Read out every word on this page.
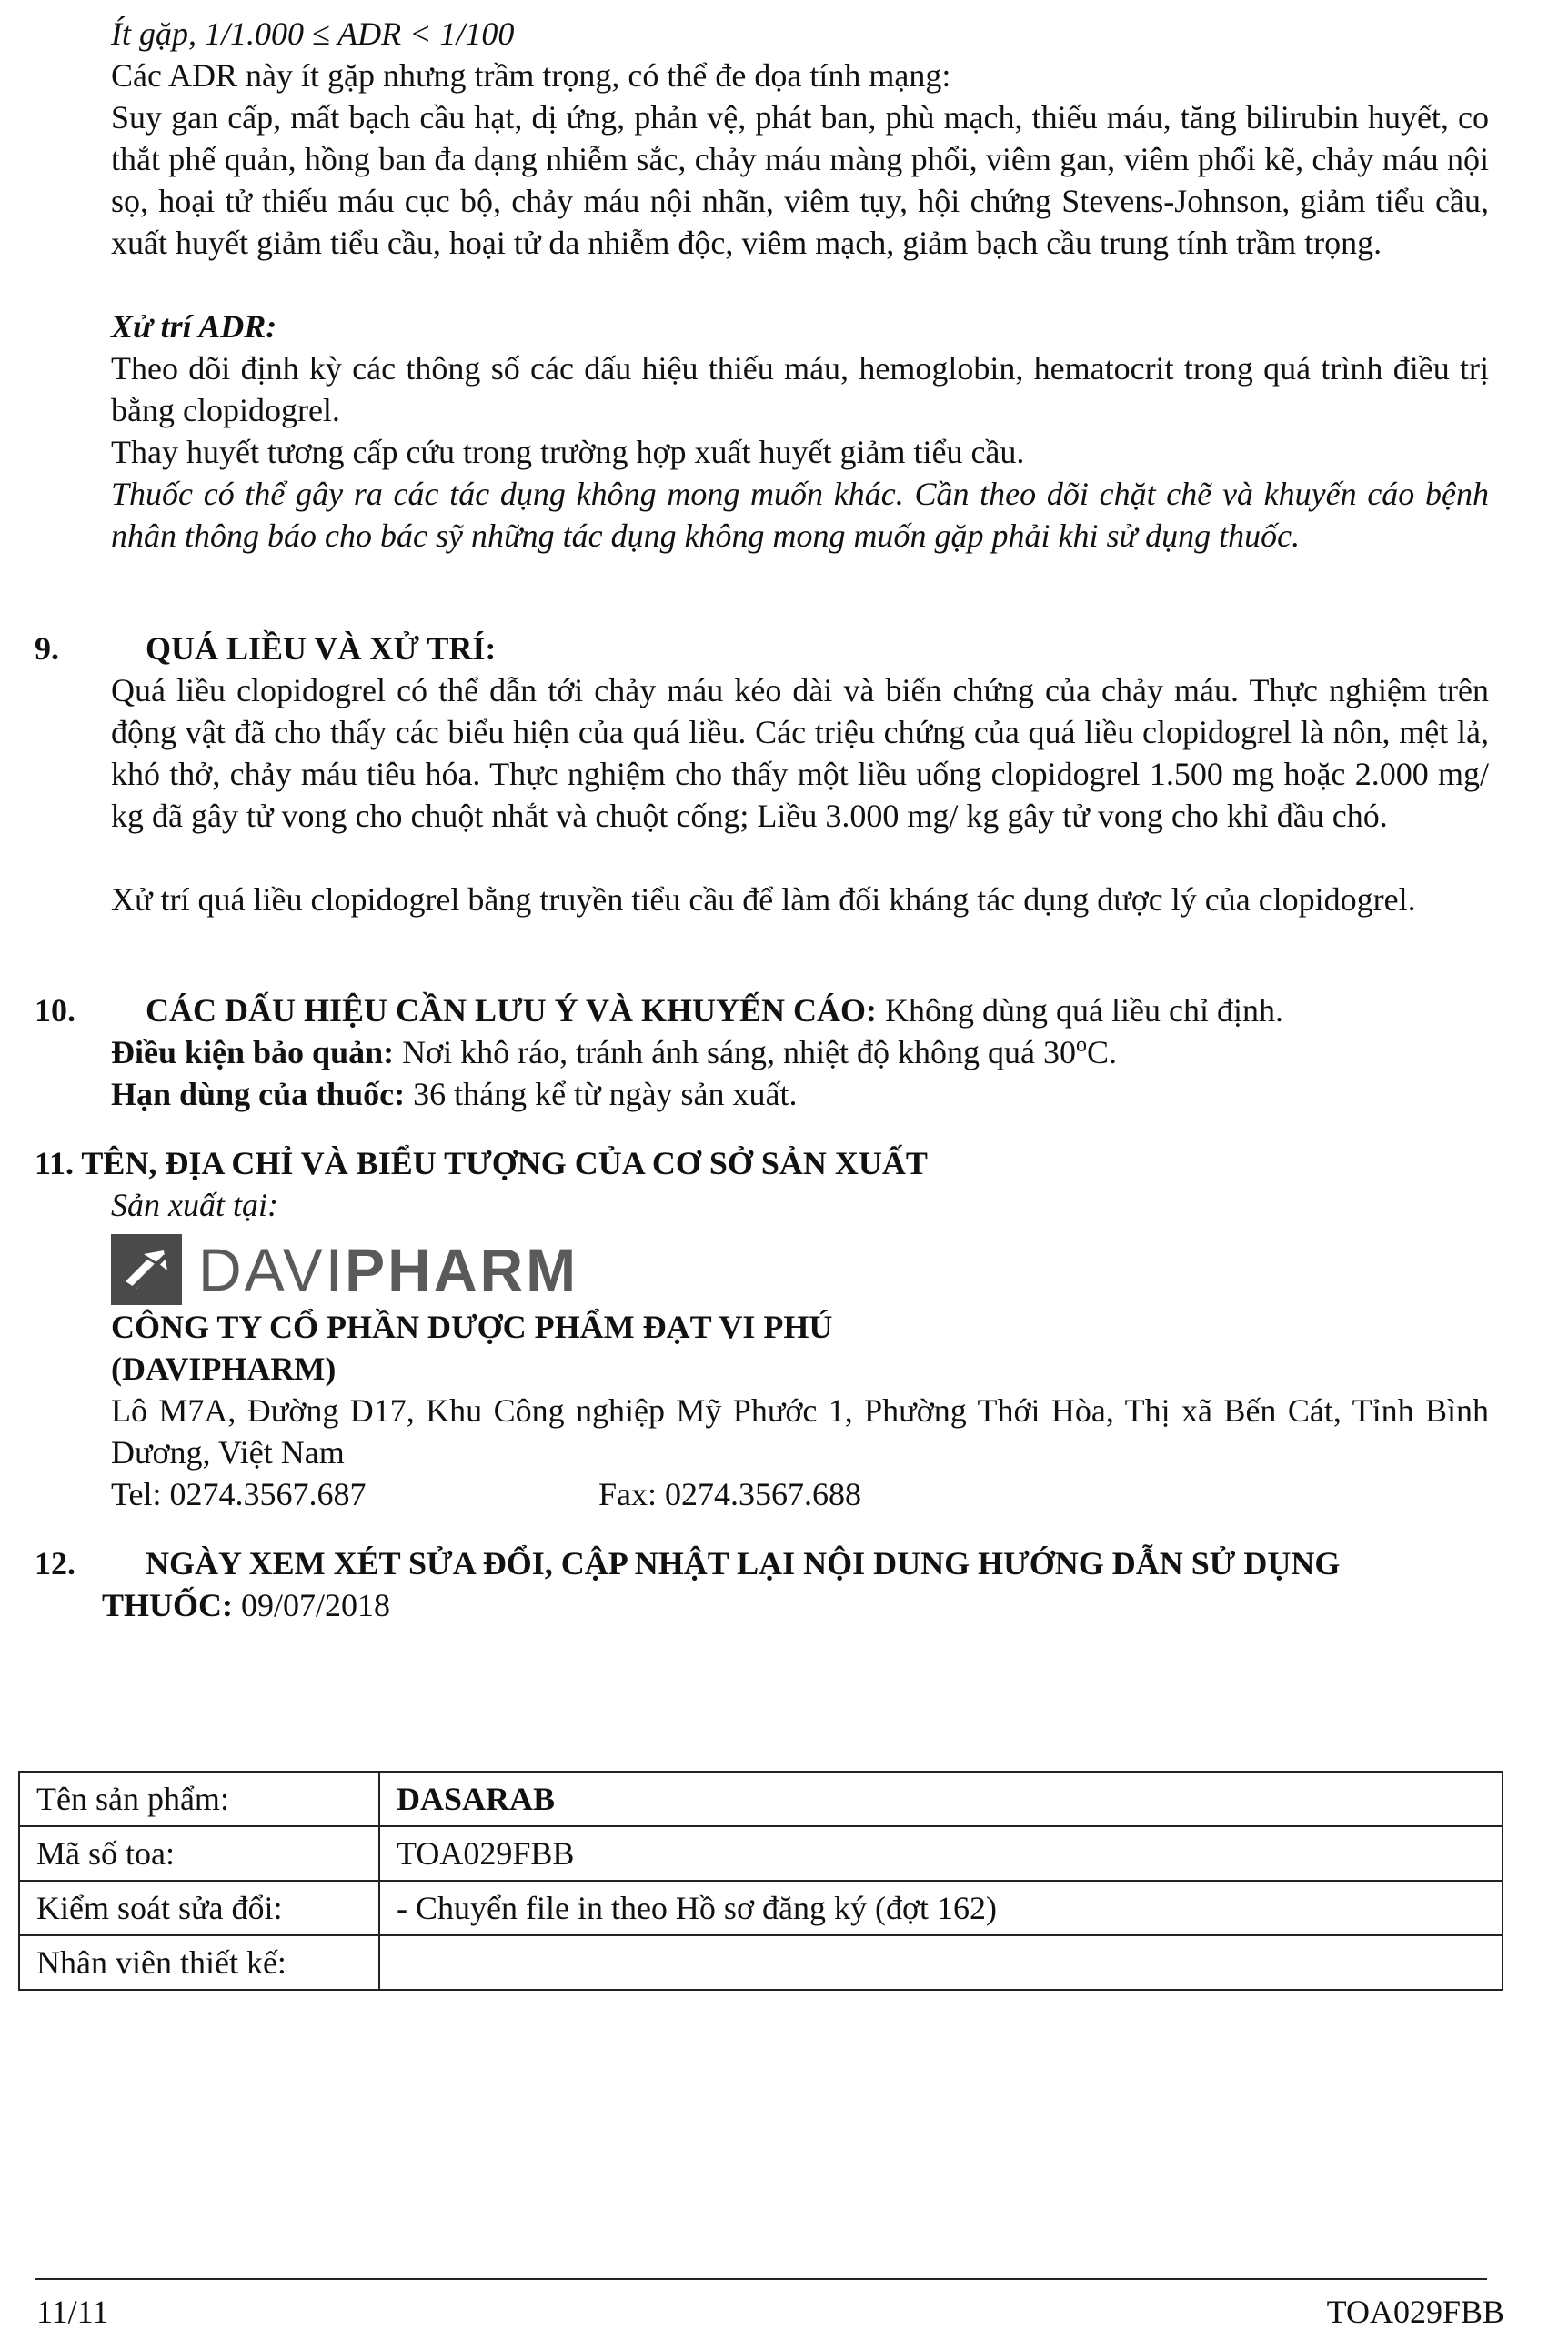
Ít gặp, 1/1.000 ≤ ADR < 1/100

Các ADR này ít gặp nhưng trầm trọng, có thể đe dọa tính mạng:

Suy gan cấp, mất bạch cầu hạt, dị ứng, phản vệ, phát ban, phù mạch, thiếu máu, tăng bilirubin huyết, co thắt phế quản, hồng ban đa dạng nhiễm sắc, chảy máu màng phổi, viêm gan, viêm phổi kẽ, chảy máu nội sọ, hoại tử thiếu máu cục bộ, chảy máu nội nhãn, viêm tụy, hội chứng Stevens-Johnson, giảm tiểu cầu, xuất huyết giảm tiểu cầu, hoại tử da nhiễm độc, viêm mạch, giảm bạch cầu trung tính trầm trọng.

Xử trí ADR:

Theo dõi định kỳ các thông số các dấu hiệu thiếu máu, hemoglobin, hematocrit trong quá trình điều trị bằng clopidogrel.

Thay huyết tương cấp cứu trong trường hợp xuất huyết giảm tiểu cầu.

Thuốc có thể gây ra các tác dụng không mong muốn khác. Cần theo dõi chặt chẽ và khuyến cáo bệnh nhân thông báo cho bác sỹ những tác dụng không mong muốn gặp phải khi sử dụng thuốc.

9.	QUÁ LIỀU VÀ XỬ TRÍ:

Quá liều clopidogrel có thể dẫn tới chảy máu kéo dài và biến chứng của chảy máu. Thực nghiệm trên động vật đã cho thấy các biểu hiện của quá liều. Các triệu chứng của quá liều clopidogrel là nôn, mệt lả, khó thở, chảy máu tiêu hóa. Thực nghiệm cho thấy một liều uống clopidogrel 1.500 mg hoặc 2.000 mg/ kg đã gây tử vong cho chuột nhắt và chuột cống; Liều 3.000 mg/ kg gây tử vong cho khỉ đầu chó.

Xử trí quá liều clopidogrel bằng truyền tiểu cầu để làm đối kháng tác dụng dược lý của clopidogrel.

10. CÁC DẤU HIỆU CẦN LƯU Ý VÀ KHUYẾN CÁO: Không dùng quá liều chỉ định.

Điều kiện bảo quản: Nơi khô ráo, tránh ánh sáng, nhiệt độ không quá 30$^o$C.

Hạn dùng của thuốc: 36 tháng kể từ ngày sản xuất.

11. TÊN, ĐỊA CHỈ VÀ BIỂU TƯỢNG CỦA CƠ SỞ SẢN XUẤT

Sản xuất tại:

DAVIPHARM

CÔNG TY CỔ PHẦN DƯỢC PHẨM ĐẠT VI PHÚ

(DAVIPHARM)

Lô M7A, Đường D17, Khu Công nghiệp Mỹ Phước 1, Phường Thới Hòa, Thị xã Bến Cát, Tỉnh Bình Dương, Việt Nam

Tel: 0274.3567.687	Fax: 0274.3567.688

12. NGÀY XEM XÉT SỬA ĐỔI, CẬP NHẬT LẠI NỘI DUNG HƯỚNG DẪN SỬ DỤNG

THUỐC: 09/07/2018

Tên sản phẩm:	DASARAB
Mã số toa:	TOA029FBB
Kiểm soát sửa đổi:	- Chuyển file in theo Hồ sơ đăng ký (đợt 162)
Nhân viên thiết kế:	
11/11	TOA029FBB
